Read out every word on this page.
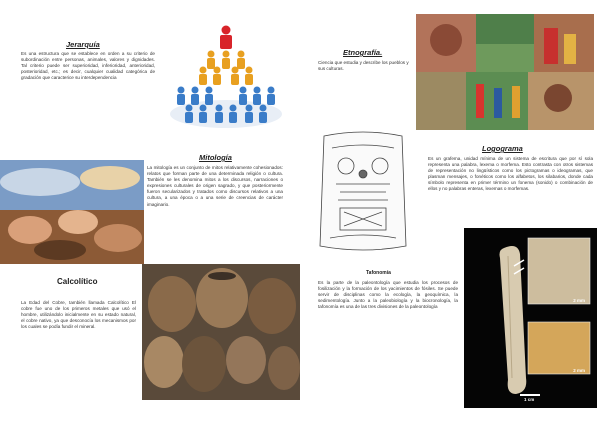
Jerarquía
Es una estructura que se establece en orden a su criterio de subordinación entre personas, animales, valores y dignidades. Tal criterio puede ser superioridad, inferioridad, anterioridad, posterioridad, etc.; es decir, cualquier cualidad categórica de gradación que caracterice su interdependencia
Etnografía.
Ciencia que estudia y describe los pueblos y sus culturas.
Mitología
La mitología es un conjunto de mitos relativamente cohesionados: relatos que forman parte de una determinada religión o cultura. También se les denomina mitos a los discursos, narraciones o expresiones culturales de origen sagrado, y que posteriormente fueron secularizados y tratados como discursos relativos a una cultura, a una época o a una serie de creencias de carácter imaginario.
Logograma
Es un grafema, unidad mínima de un sistema de escritura que por sí sola representa una palabra, lexema o morfema. Esto contrasta con otros sistemas de representación no lingüísticos como los pictogramas o ideogramas, que plasman mensajes, o fonéticos como los alfabetos, los silabarios, donde cada símbolo representa en primer término un fonema (sonido) o combinación de ellos y no palabras enteras, lexemas o morfemas.
Calcolítico
La Edad del Cobre, también llamada Calcolítico El cobre fue uno de los primeros metales que usó el hombre, utilizándolo inicialmente en su estado natural, el cobre nativo, ya que desconocía los mecanismos por los cuales se podía fundir el mineral.
Tafonomía
Es la parte de la paleontología que estudia los procesos de fosilización y la formación de los yacimientos de fósiles. Se puede servir de disciplinas como la ecología, la geoquímica, la sedimentología. Junto a la paleobiología y la biocronología, la tafonomía es una de las tres divisiones de la paleontología
2 mm
2 mm
1 cm
